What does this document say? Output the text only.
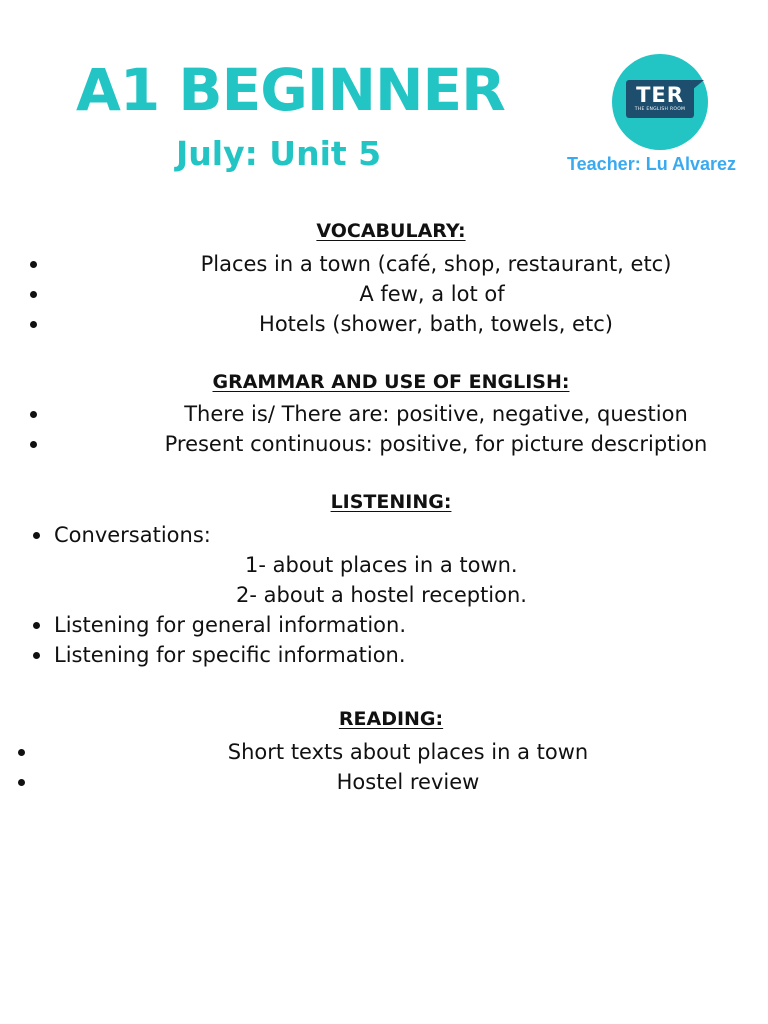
A1 BEGINNER
July: Unit 5
TER
THE ENGLISH ROOM
Teacher: Lu Alvarez
VOCABULARY:
Places in a town (café, shop, restaurant, etc)
A few, a lot of
Hotels (shower, bath, towels, etc)
GRAMMAR AND USE OF ENGLISH:
There is/ There are: positive, negative, question
Present continuous: positive, for picture description
LISTENING:
Conversations:
1- about places in a town.
2- about a hostel reception.
Listening for general information.
Listening for specific information.
READING:
Short texts about places in a town
Hostel review
